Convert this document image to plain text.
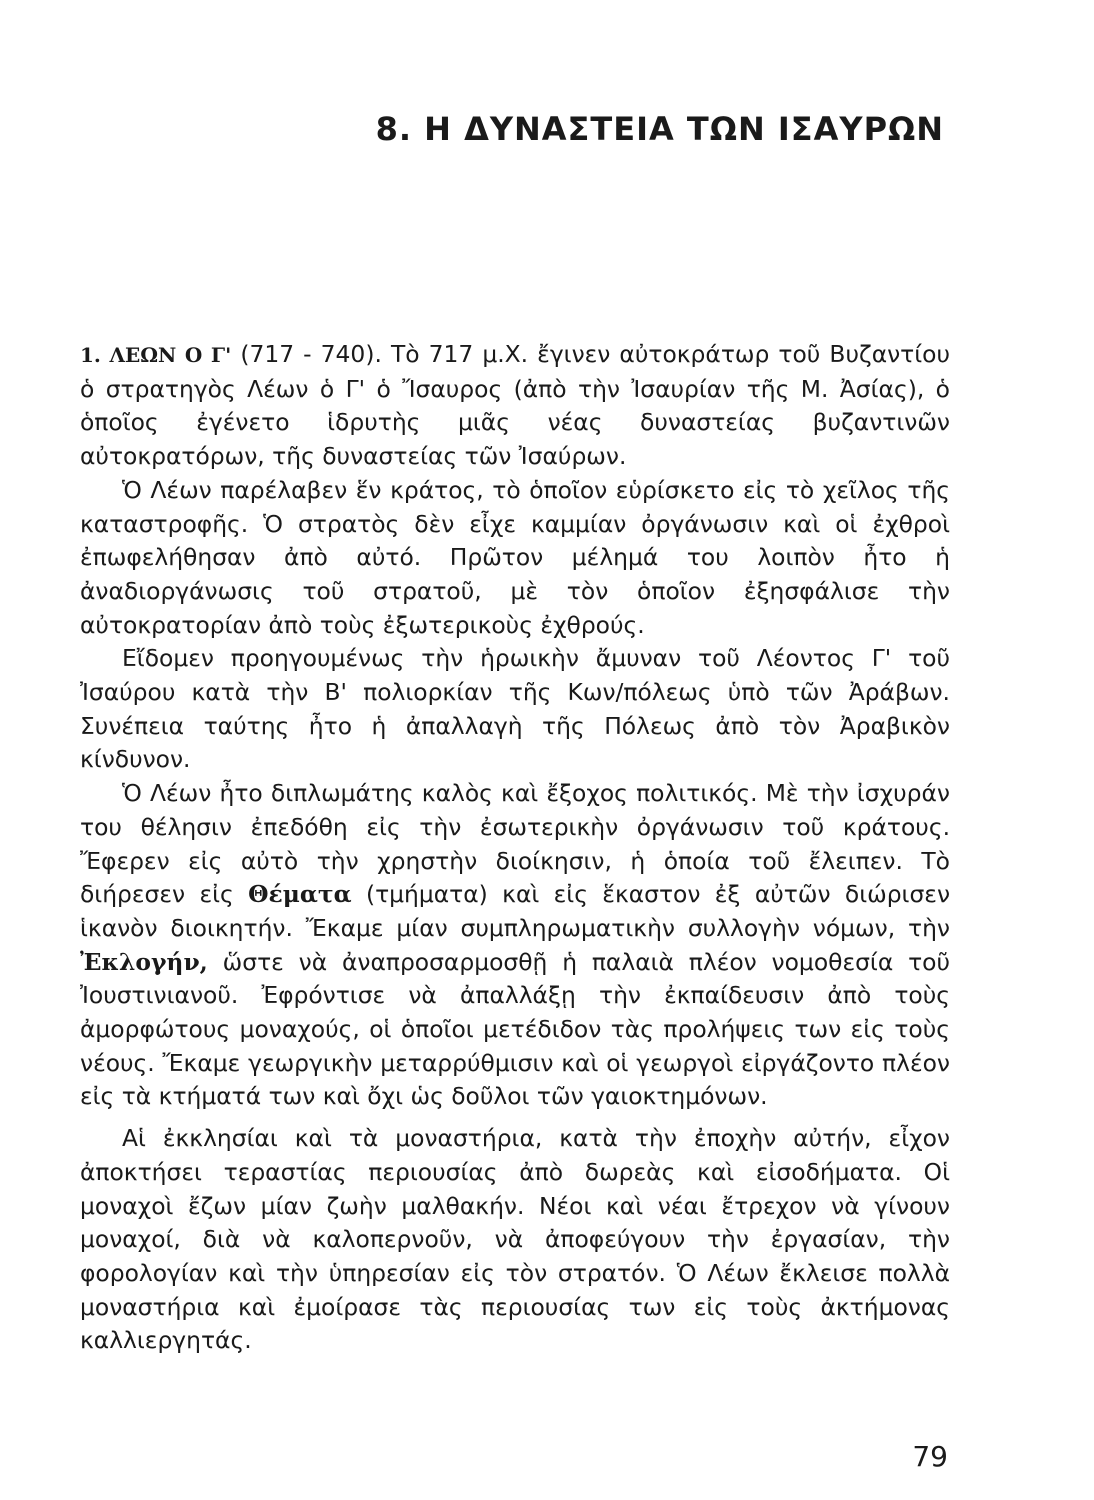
8. Η ΔΥΝΑΣΤΕΙΑ ΤΩΝ ΙΣΑΥΡΩΝ

1. ΛΕΩΝ Ο Γ' (717 - 740). Τὸ 717 μ.Χ. ἔγινεν αὐτοκράτωρ τοῦ Βυζαντίου ὁ στρατηγὸς Λέων ὁ Γ' ὁ Ἴσαυρος (ἀπὸ τὴν Ἰσαυρίαν τῆς Μ. Ἀσίας), ὁ ὁποῖος ἐγένετο ἱδρυτὴς μιᾶς νέας δυναστείας βυζαντινῶν αὐτοκρατόρων, τῆς δυναστείας τῶν Ἰσαύρων.

Ὁ Λέων παρέλαβεν ἕν κράτος, τὸ ὁποῖον εὑρίσκετο εἰς τὸ χεῖλος τῆς καταστροφῆς. Ὁ στρατὸς δὲν εἶχε καμμίαν ὀργάνωσιν καὶ οἱ ἐχθροὶ ἐπωφελήθησαν ἀπὸ αὐτό. Πρῶτον μέλημά του λοιπὸν ἦτο ἡ ἀναδιοργάνωσις τοῦ στρατοῦ, μὲ τὸν ὁποῖον ἐξησφάλισε τὴν αὐτοκρατορίαν ἀπὸ τοὺς ἐξωτερικοὺς ἐχθρούς.

Εἴδομεν προηγουμένως τὴν ἡρωικὴν ἄμυναν τοῦ Λέοντος Γ' τοῦ Ἰσαύρου κατὰ τὴν Β' πολιορκίαν τῆς Κων/πόλεως ὑπὸ τῶν Ἀράβων. Συνέπεια ταύτης ἦτο ἡ ἀπαλλαγὴ τῆς Πόλεως ἀπὸ τὸν Ἀραβικὸν κίνδυνον.

Ὁ Λέων ἦτο διπλωμάτης καλὸς καὶ ἔξοχος πολιτικός. Μὲ τὴν ἰσχυράν του θέλησιν ἐπεδόθη εἰς τὴν ἐσωτερικὴν ὀργάνωσιν τοῦ κράτους. Ἔφερεν εἰς αὐτὸ τὴν χρηστὴν διοίκησιν, ἡ ὁποία τοῦ ἔλειπεν. Τὸ διήρεσεν εἰς Θέματα (τμήματα) καὶ εἰς ἕκαστον ἐξ αὐτῶν διώρισεν ἱκανὸν διοικητήν. Ἔκαμε μίαν συμπληρωματικὴν συλλογὴν νόμων, τὴν Ἐκλογήν, ὥστε νὰ ἀναπροσαρμοσθῇ ἡ παλαιὰ πλέον νομοθεσία τοῦ Ἰουστινιανοῦ. Ἐφρόντισε νὰ ἀπαλλάξῃ τὴν ἐκπαίδευσιν ἀπὸ τοὺς ἀμορφώτους μοναχούς, οἱ ὁποῖοι μετέδιδον τὰς προλήψεις των εἰς τοὺς νέους. Ἔκαμε γεωργικὴν μεταρρύθμισιν καὶ οἱ γεωργοὶ εἰργάζοντο πλέον εἰς τὰ κτήματά των καὶ ὄχι ὡς δοῦλοι τῶν γαιοκτημόνων.

Αἱ ἐκκλησίαι καὶ τὰ μοναστήρια, κατὰ τὴν ἐποχὴν αὐτήν, εἶχον ἀποκτήσει τεραστίας περιουσίας ἀπὸ δωρεὰς καὶ εἰσοδήματα. Οἱ μοναχοὶ ἔζων μίαν ζωὴν μαλθακήν. Νέοι καὶ νέαι ἔτρεχον νὰ γίνουν μοναχοί, διὰ νὰ καλοπερνοῦν, νὰ ἀποφεύγουν τὴν ἐργασίαν, τὴν φορολογίαν καὶ τὴν ὑπηρεσίαν εἰς τὸν στρατόν. Ὁ Λέων ἔκλεισε πολλὰ μοναστήρια καὶ ἐμοίρασε τὰς περιουσίας των εἰς τοὺς ἀκτήμονας καλλιεργητάς.

79
